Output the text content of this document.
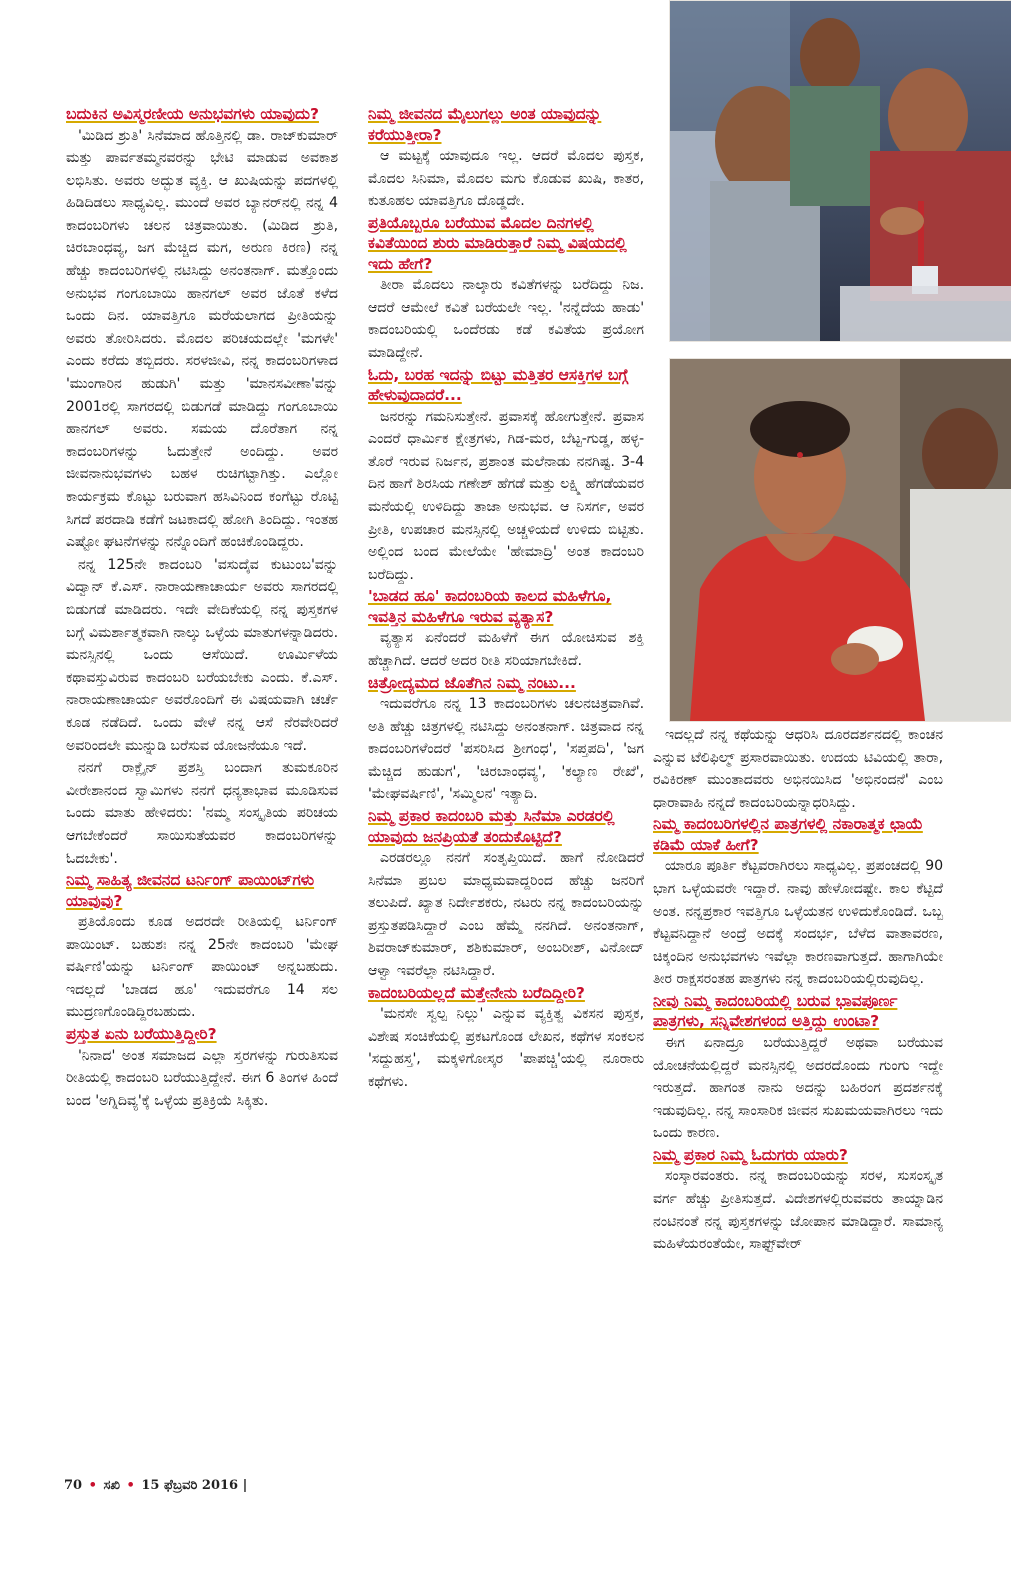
ಬದುಕಿನ ಅವಿಸ್ಮರಣೀಯ ಅನುಭವಗಳು ಯಾವುದು?

'ಮಿಡಿದ ಶ್ರುತಿ' ಸಿನೆಮಾದ ಹೊತ್ತಿನಲ್ಲಿ ಡಾ. ರಾಜ್‌ಕುಮಾರ್ ಮತ್ತು ಪಾರ್ವತಮ್ಮನವರನ್ನು ಭೇಟಿ ಮಾಡುವ ಅವಕಾಶ ಲಭಿಸಿತು. ಅವರು ಅದ್ಭುತ ವ್ಯಕ್ತಿ. ಆ ಖುಷಿಯನ್ನು ಪದಗಳಲ್ಲಿ ಹಿಡಿದಿಡಲು ಸಾಧ್ಯವಿಲ್ಲ. ಮುಂದೆ ಅವರ ಬ್ಯಾನರ್‌ನಲ್ಲಿ ನನ್ನ 4 ಕಾದಂಬರಿಗಳು ಚಲನ ಚಿತ್ರವಾಯಿತು. (ಮಿಡಿದ ಶ್ರುತಿ, ಚಿರಬಾಂಧವ್ಯ, ಜಗ ಮೆಚ್ಚಿದ ಮಗ, ಅರುಣ ಕಿರಣ) ನನ್ನ ಹೆಚ್ಚು ಕಾದಂಬರಿಗಳಲ್ಲಿ ನಟಿಸಿದ್ದು ಅನಂತನಾಗ್. ಮತ್ತೊಂದು ಅನುಭವ ಗಂಗೂಬಾಯಿ ಹಾನಗಲ್ ಅವರ ಜೊತೆ ಕಳೆದ ಒಂದು ದಿನ. ಯಾವತ್ತಿಗೂ ಮರೆಯಲಾಗದ ಪ್ರೀತಿಯನ್ನು ಅವರು ತೋರಿಸಿದರು. ಮೊದಲ ಪರಿಚಯದಲ್ಲೇ 'ಮಗಳೇ' ಎಂದು ಕರೆದು ತಬ್ಬಿದರು. ಸರಳಜೀವಿ, ನನ್ನ ಕಾದಂಬರಿಗಳಾದ 'ಮುಂಗಾರಿನ ಹುಡುಗಿ' ಮತ್ತು 'ಮಾನಸವೀಣಾ'ವನ್ನು 2001ರಲ್ಲಿ ಸಾಗರದಲ್ಲಿ ಬಿಡುಗಡೆ ಮಾಡಿದ್ದು ಗಂಗೂಬಾಯಿ ಹಾನಗಲ್ ಅವರು. ಸಮಯ ದೊರೆತಾಗ ನನ್ನ ಕಾದಂಬರಿಗಳನ್ನು ಓದುತ್ತೇನೆ ಅಂದಿದ್ದು. ಅವರ ಜೀವನಾನುಭವಗಳು ಬಹಳ ರುಚಿಗಟ್ಟಾಗಿತ್ತು. ಎಲ್ಲೋ ಕಾರ್ಯಕ್ರಮ ಕೊಟ್ಟು ಬರುವಾಗ ಹಸಿವಿನಿಂದ ಕಂಗೆಟ್ಟು ರೊಟ್ಟಿ ಸಿಗದೆ ಪರದಾಡಿ ಕಡೆಗೆ ಜಟಕಾದಲ್ಲಿ ಹೋಗಿ ತಿಂದಿದ್ದು. ಇಂತಹ ಎಷ್ಟೋ ಘಟನೆಗಳನ್ನು ನನ್ನೊಂದಿಗೆ ಹಂಚಿಕೊಂಡಿದ್ದರು.

ನನ್ನ 125ನೇ ಕಾದಂಬರಿ 'ವಸುದೈವ ಕುಟುಂಬ'ವನ್ನು ವಿದ್ವಾನ್ ಕೆ.ಎಸ್. ನಾರಾಯಣಾಚಾರ್ಯ ಅವರು ಸಾಗರದಲ್ಲಿ ಬಿಡುಗಡೆ ಮಾಡಿದರು. ಇದೇ ವೇದಿಕೆಯಲ್ಲಿ ನನ್ನ ಪುಸ್ತಕಗಳ ಬಗ್ಗೆ ವಿಮರ್ಶಾತ್ಮಕವಾಗಿ ನಾಲ್ಕು ಒಳ್ಳೆಯ ಮಾತುಗಳನ್ನಾಡಿದರು. ಮನಸ್ಸಿನಲ್ಲಿ ಒಂದು ಆಸೆಯಿದೆ. ಊರ್ಮಿಳೆಯ ಕಥಾವಸ್ತುವಿರುವ ಕಾದಂಬರಿ ಬರೆಯಬೇಕು ಎಂದು. ಕೆ.ಎಸ್. ನಾರಾಯಣಾಚಾರ್ಯ ಅವರೊಂದಿಗೆ ಈ ವಿಷಯವಾಗಿ ಚರ್ಚೆ ಕೂಡ ನಡೆದಿದೆ. ಒಂದು ವೇಳೆ ನನ್ನ ಆಸೆ ನೆರವೇರಿದರೆ ಅವರಿಂದಲೇ ಮುನ್ನುಡಿ ಬರೆಸುವ ಯೋಜನೆಯೂ ಇದೆ.

ನನಗೆ ರಾಕ್ಲೈನ್ ಪ್ರಶಸ್ತಿ ಬಂದಾಗ ತುಮಕೂರಿನ ವೀರೇಶಾನಂದ ಸ್ವಾಮಿಗಳು ನನಗೆ ಧನ್ಯತಾಭಾವ ಮೂಡಿಸುವ ಒಂದು ಮಾತು ಹೇಳಿದರು: 'ನಮ್ಮ ಸಂಸ್ಕೃತಿಯ ಪರಿಚಯ ಆಗಬೇಕೆಂದರೆ ಸಾಯಿಸುತೆಯವರ ಕಾದಂಬರಿಗಳನ್ನು ಓದಬೇಕು'.

ನಿಮ್ಮ ಸಾಹಿತ್ಯ ಜೀವನದ ಟರ್ನಿಂಗ್ ಪಾಯಿಂಟ್‌ಗಳು ಯಾವುವು?

ಪ್ರತಿಯೊಂದು ಕೂಡ ಅದರದೇ ರೀತಿಯಲ್ಲಿ ಟರ್ನಿಂಗ್ ಪಾಯಿಂಟ್. ಬಹುಶಃ ನನ್ನ 25ನೇ ಕಾದಂಬರಿ 'ಮೇಘ ವರ್ಷಿಣಿ'ಯನ್ನು ಟರ್ನಿಂಗ್ ಪಾಯಿಂಟ್ ಅನ್ನಬಹುದು. ಇದಲ್ಲದೆ 'ಬಾಡದ ಹೂ' ಇದುವರೆಗೂ 14 ಸಲ ಮುದ್ರಣಗೊಂಡಿದ್ದಿರಬಹುದು.

ಪ್ರಸ್ತುತ ಏನು ಬರೆಯುತ್ತಿದ್ದೀರಿ?

'ನಿನಾದ' ಅಂತ ಸಮಾಜದ ಎಲ್ಲಾ ಸ್ತರಗಳನ್ನು ಗುರುತಿಸುವ ರೀತಿಯಲ್ಲಿ ಕಾದಂಬರಿ ಬರೆಯುತ್ತಿದ್ದೇನೆ. ಈಗ 6 ತಿಂಗಳ ಹಿಂದೆ ಬಂದ 'ಅಗ್ನಿದಿವ್ಯ'ಕ್ಕೆ ಒಳ್ಳೆಯ ಪ್ರತಿಕ್ರಿಯೆ ಸಿಕ್ಕಿತು.

ನಿಮ್ಮ ಜೀವನದ ಮೈಲುಗಲ್ಲು ಅಂತ ಯಾವುದನ್ನು ಕರೆಯುತ್ತೀರಾ?

ಆ ಮಟ್ಟಕ್ಕೆ ಯಾವುದೂ ಇಲ್ಲ. ಆದರೆ ಮೊದಲ ಪುಸ್ತಕ, ಮೊದಲ ಸಿನಿಮಾ, ಮೊದಲ ಮಗು ಕೊಡುವ ಖುಷಿ, ಕಾತರ, ಕುತೂಹಲ ಯಾವತ್ತಿಗೂ ದೊಡ್ಡದೇ.

ಪ್ರತಿಯೊಬ್ಬರೂ ಬರೆಯುವ ಮೊದಲ ದಿನಗಳಲ್ಲಿ ಕವಿತೆಯಿಂದ ಶುರು ಮಾಡಿರುತ್ತಾರೆ ನಿಮ್ಮ ವಿಷಯದಲ್ಲಿ ಇದು ಹೇಗೆ?

ತೀರಾ ಮೊದಲು ನಾಲ್ಕಾರು ಕವಿತೆಗಳನ್ನು ಬರೆದಿದ್ದು ನಿಜ. ಆದರೆ ಆಮೇಲೆ ಕವಿತೆ ಬರೆಯಲೇ ಇಲ್ಲ. 'ನನ್ನೆದೆಯ ಹಾಡು' ಕಾದಂಬರಿಯಲ್ಲಿ ಒಂದೆರಡು ಕಡೆ ಕವಿತೆಯ ಪ್ರಯೋಗ ಮಾಡಿದ್ದೇನೆ.

ಓದು, ಬರಹ ಇದನ್ನು ಬಿಟ್ಟು ಮತ್ತಿತರ ಆಸಕ್ತಿಗಳ ಬಗ್ಗೆ ಹೇಳುವುದಾದರೆ...

ಜನರನ್ನು ಗಮನಿಸುತ್ತೇನೆ. ಪ್ರವಾಸಕ್ಕೆ ಹೋಗುತ್ತೇನೆ. ಪ್ರವಾಸ ಎಂದರೆ ಧಾರ್ಮಿಕ ಕ್ಷೇತ್ರಗಳು, ಗಿಡ-ಮರ, ಬೆಟ್ಟ-ಗುಡ್ಡ, ಹಳ್ಳ-ತೊರೆ ಇರುವ ನಿರ್ಜನ, ಪ್ರಶಾಂತ ಮಲೆನಾಡು ನನಗಿಷ್ಟ. 3-4 ದಿನ ಹಾಗೆ ಶಿರಸಿಯ ಗಣೇಶ್ ಹೆಗಡೆ ಮತ್ತು ಲಕ್ಷ್ಮಿ ಹೆಗಡೆಯವರ ಮನೆಯಲ್ಲಿ ಉಳಿದಿದ್ದು ತಾಜಾ ಅನುಭವ. ಆ ನಿಸರ್ಗ, ಅವರ ಪ್ರೀತಿ, ಉಪಚಾರ ಮನಸ್ಸಿನಲ್ಲಿ ಅಚ್ಚಳಿಯದೆ ಉಳಿದು ಬಿಟ್ಟಿತು. ಅಲ್ಲಿಂದ ಬಂದ ಮೇಲೆಯೇ 'ಹೇಮಾದ್ರಿ' ಅಂತ ಕಾದಂಬರಿ ಬರೆದಿದ್ದು.

'ಬಾಡದ ಹೂ' ಕಾದಂಬರಿಯ ಕಾಲದ ಮಹಿಳೆಗೂ, ಇವತ್ತಿನ ಮಹಿಳೆಗೂ ಇರುವ ವ್ಯತ್ಯಾಸ?

ವ್ಯತ್ಯಾಸ ಏನೆಂದರೆ ಮಹಿಳೆಗೆ ಈಗ ಯೋಚಿಸುವ ಶಕ್ತಿ ಹೆಚ್ಚಾಗಿದೆ. ಆದರೆ ಅದರ ರೀತಿ ಸರಿಯಾಗಬೇಕಿದೆ.

ಚಿತ್ರೋದ್ಯಮದ ಜೊತೆಗಿನ ನಿಮ್ಮ ನಂಟು...

ಇದುವರೆಗೂ ನನ್ನ 13 ಕಾದಂಬರಿಗಳು ಚಲನಚಿತ್ರವಾಗಿವೆ. ಅತಿ ಹೆಚ್ಚು ಚಿತ್ರಗಳಲ್ಲಿ ನಟಿಸಿದ್ದು ಅನಂತನಾಗ್. ಚಿತ್ರವಾದ ನನ್ನ ಕಾದಂಬರಿಗಳೆಂದರೆ 'ಪಸರಿಸಿದ ಶ್ರೀಗಂಧ', 'ಸಪ್ತಪದಿ', 'ಜಗ ಮೆಚ್ಚಿದ ಹುಡುಗ', 'ಚಿರಬಾಂಧವ್ಯ', 'ಕಲ್ಯಾಣ ರೇಖೆ', 'ಮೇಘವರ್ಷಿಣಿ', 'ಸಮ್ಮಿಲನ' ಇತ್ಯಾದಿ.

ನಿಮ್ಮ ಪ್ರಕಾರ ಕಾದಂಬರಿ ಮತ್ತು ಸಿನೆಮಾ ಎರಡರಲ್ಲಿ ಯಾವುದು ಜನಪ್ರಿಯತೆ ತಂದುಕೊಟ್ಟಿದೆ?

ಎರಡರಲ್ಲೂ ನನಗೆ ಸಂತೃಪ್ತಿಯಿದೆ. ಹಾಗೆ ನೋಡಿದರೆ ಸಿನೆಮಾ ಪ್ರಬಲ ಮಾಧ್ಯಮವಾದ್ದರಿಂದ ಹೆಚ್ಚು ಜನರಿಗೆ ತಲುಪಿದೆ. ಖ್ಯಾತ ನಿರ್ದೇಶಕರು, ನಟರು ನನ್ನ ಕಾದಂಬರಿಯನ್ನು ಪ್ರಸ್ತುತಪಡಿಸಿದ್ದಾರೆ ಎಂಬ ಹೆಮ್ಮೆ ನನಗಿದೆ. ಅನಂತನಾಗ್, ಶಿವರಾಜ್‌ಕುಮಾರ್, ಶಶಿಕುಮಾರ್, ಅಂಬರೀಶ್, ವಿನೋದ್ ಆಳ್ವಾ ಇವರೆಲ್ಲಾ ನಟಿಸಿದ್ದಾರೆ.

ಕಾದಂಬರಿಯಲ್ಲದೆ ಮತ್ತೇನೇನು ಬರೆದಿದ್ದೀರಿ?

'ಮನಸೇ ಸ್ವಲ್ಪ ನಿಲ್ಲು' ಎನ್ನುವ ವ್ಯಕ್ತಿತ್ವ ವಿಕಸನ ಪುಸ್ತಕ, ವಿಶೇಷ ಸಂಚಿಕೆಯಲ್ಲಿ ಪ್ರಕಟಗೊಂಡ ಲೇಖನ, ಕಥೆಗಳ ಸಂಕಲನ 'ಸದ್ದುಹಸ್ತ', ಮಕ್ಕಳಿಗೋಸ್ಕರ 'ಪಾಪಚ್ಚಿ'ಯಲ್ಲಿ ನೂರಾರು ಕಥೆಗಳು.

ಇದಲ್ಲದೆ ನನ್ನ ಕಥೆಯನ್ನು ಆಧರಿಸಿ ದೂರದರ್ಶನದಲ್ಲಿ ಕಾಂಚನ ಎನ್ನುವ ಟೆಲಿಫಿಲ್ಮ್ ಪ್ರಸಾರವಾಯಿತು. ಉದಯ ಟಿವಿಯಲ್ಲಿ ತಾರಾ, ರವಿಕಿರಣ್ ಮುಂತಾದವರು ಅಭಿನಯಿಸಿದ 'ಅಭಿನಂದನೆ' ಎಂಬ ಧಾರಾವಾಹಿ ನನ್ನದೆ ಕಾದಂಬರಿಯನ್ನಾಧರಿಸಿದ್ದು.

ನಿಮ್ಮ ಕಾದಂಬರಿಗಳಲ್ಲಿನ ಪಾತ್ರಗಳಲ್ಲಿ ನಕಾರಾತ್ಮಕ ಛಾಯೆ ಕಡಿಮೆ ಯಾಕೆ ಹೀಗೆ?

ಯಾರೂ ಪೂರ್ತಿ ಕೆಟ್ಟವರಾಗಿರಲು ಸಾಧ್ಯವಿಲ್ಲ. ಪ್ರಪಂಚದಲ್ಲಿ 90 ಭಾಗ ಒಳ್ಳೆಯವರೇ ಇದ್ದಾರೆ. ನಾವು ಹೇಳೋದಷ್ಟೇ. ಕಾಲ ಕೆಟ್ಟಿದೆ ಅಂತ. ನನ್ನಪ್ರಕಾರ ಇವತ್ತಿಗೂ ಒಳ್ಳೆಯತನ ಉಳಿದುಕೊಂಡಿದೆ. ಒಬ್ಬ ಕೆಟ್ಟವನಿದ್ದಾನೆ ಅಂದ್ರೆ ಅದಕ್ಕೆ ಸಂದರ್ಭ, ಬೆಳೆದ ವಾತಾವರಣ, ಚಿಕ್ಕಂದಿನ ಅನುಭವಗಳು ಇವೆಲ್ಲಾ ಕಾರಣವಾಗುತ್ತದೆ. ಹಾಗಾಗಿಯೇ ತೀರ ರಾಕ್ಷಸರಂತಹ ಪಾತ್ರಗಳು ನನ್ನ ಕಾದಂಬರಿಯಲ್ಲಿರುವುದಿಲ್ಲ.

ನೀವು ನಿಮ್ಮ ಕಾದಂಬರಿಯಲ್ಲಿ ಬರುವ ಭಾವಪೂರ್ಣ ಪಾತ್ರಗಳು, ಸನ್ನಿವೇಶಗಳಂದ ಅತ್ತಿದ್ದು ಉಂಟಾ?

ಈಗ ಏನಾದ್ರೂ ಬರೆಯುತ್ತಿದ್ದರೆ ಅಥವಾ ಬರೆಯುವ ಯೋಚನೆಯಲ್ಲಿದ್ದರೆ ಮನಸ್ಸಿನಲ್ಲಿ ಅದರದೊಂದು ಗುಂಗು ಇದ್ದೇ ಇರುತ್ತದೆ. ಹಾಗಂತ ನಾನು ಅದನ್ನು ಬಹಿರಂಗ ಪ್ರದರ್ಶನಕ್ಕೆ ಇಡುವುದಿಲ್ಲ. ನನ್ನ ಸಾಂಸಾರಿಕ ಜೀವನ ಸುಖಮಯವಾಗಿರಲು ಇದು ಒಂದು ಕಾರಣ.

ನಿಮ್ಮ ಪ್ರಕಾರ ನಿಮ್ಮ ಓದುಗರು ಯಾರು?

ಸಂಸ್ಕಾರವಂತರು. ನನ್ನ ಕಾದಂಬರಿಯನ್ನು ಸರಳ, ಸುಸಂಸ್ಕೃತ ವರ್ಗ ಹೆಚ್ಚು ಪ್ರೀತಿಸುತ್ತದೆ. ವಿದೇಶಗಳಲ್ಲಿರುವವರು ತಾಯ್ನಾಡಿನ ನಂಟಿನಂತೆ ನನ್ನ ಪುಸ್ತಕಗಳನ್ನು ಜೋಪಾನ ಮಾಡಿದ್ದಾರೆ. ಸಾಮಾನ್ಯ ಮಹಿಳೆಯರಂತೆಯೇ, ಸಾಫ್ಟ್‌ವೇರ್

70 • ಸಖಿ • 15 ಫೆಬ್ರವರಿ 2016 |
